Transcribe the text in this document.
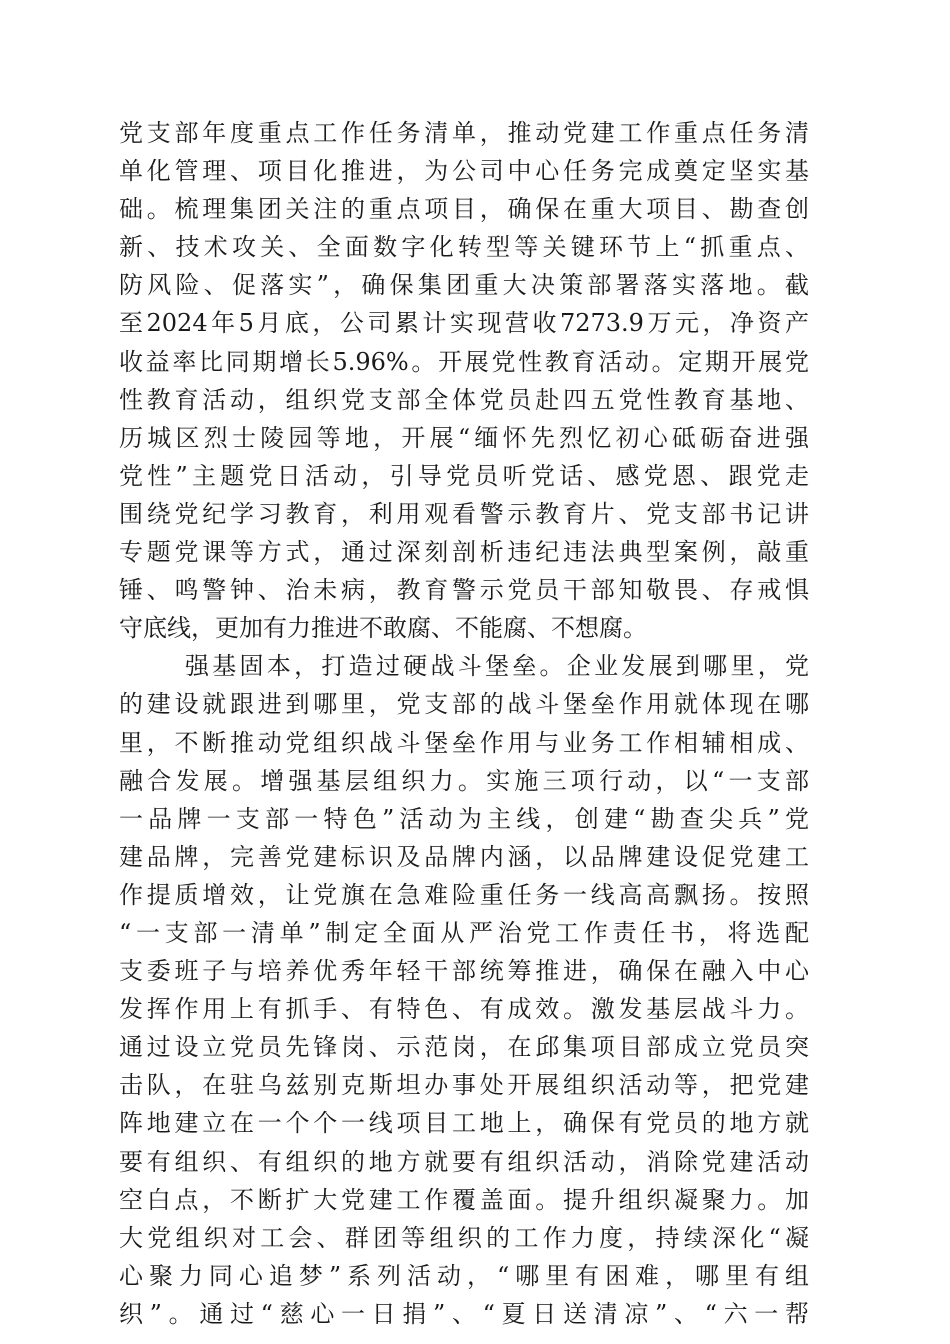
党支部年度重点工作任务清单，推动党建工作重点任务清
单化管理、项目化推进，为公司中心任务完成奠定坚实基
础。梳理集团关注的重点项目，确保在重大项目、勘查创
新、技术攻关、全面数字化转型等关键环节上“抓重点、
防风险、促落实”，确保集团重大决策部署落实落地。截
至2024年5月底，公司累计实现营收7273.9万元，净资产
收益率比同期增长5.96%。开展党性教育活动。定期开展党
性教育活动，组织党支部全体党员赴四五党性教育基地、
历城区烈士陵园等地，开展“缅怀先烈忆初心砥砺奋进强
党性”主题党日活动，引导党员听党话、感党恩、跟党走
围绕党纪学习教育，利用观看警示教育片、党支部书记讲
专题党课等方式，通过深刻剖析违纪违法典型案例，敲重
锤、鸣警钟、治未病，教育警示党员干部知敬畏、存戒惧
守底线，更加有力推进不敢腐、不能腐、不想腐。
强基固本，打造过硬战斗堡垒。企业发展到哪里，党
的建设就跟进到哪里，党支部的战斗堡垒作用就体现在哪
里，不断推动党组织战斗堡垒作用与业务工作相辅相成、
融合发展。增强基层组织力。实施三项行动，以“一支部
一品牌一支部一特色”活动为主线，创建“勘查尖兵”党
建品牌，完善党建标识及品牌内涵，以品牌建设促党建工
作提质增效，让党旗在急难险重任务一线高高飘扬。按照
“一支部一清单”制定全面从严治党工作责任书，将选配
支委班子与培养优秀年轻干部统筹推进，确保在融入中心
发挥作用上有抓手、有特色、有成效。激发基层战斗力。
通过设立党员先锋岗、示范岗，在邱集项目部成立党员突
击队，在驻乌兹别克斯坦办事处开展组织活动等，把党建
阵地建立在一个个一线项目工地上，确保有党员的地方就
要有组织、有组织的地方就要有组织活动，消除党建活动
空白点，不断扩大党建工作覆盖面。提升组织凝聚力。加
大党组织对工会、群团等组织的工作力度，持续深化“凝
心聚力同心追梦”系列活动，“哪里有困难，哪里有组
织”。通过“慈心一日捐”、“夏日送清凉”、“六一帮
